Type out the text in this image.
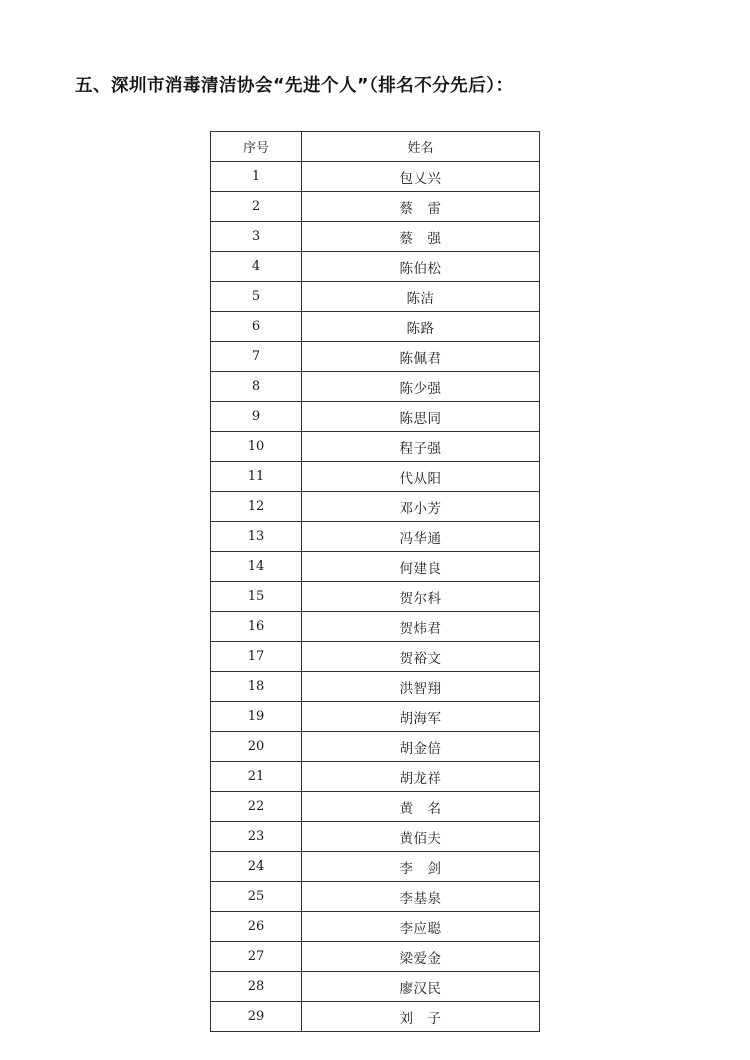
五、深圳市消毒清洁协会“先进个人”（排名不分先后）：
序号	姓名
1	包乂兴
2	蔡　雷
3	蔡　强
4	陈伯松
5	陈洁
6	陈路
7	陈佩君
8	陈少强
9	陈思同
10	程子强
11	代从阳
12	邓小芳
13	冯华通
14	何建良
15	贺尔科
16	贺炜君
17	贺裕文
18	洪智翔
19	胡海军
20	胡金倍
21	胡龙祥
22	黄　名
23	黄佰夫
24	李　剑
25	李基泉
26	李应聪
27	梁爱金
28	廖汉民
29	刘　子
